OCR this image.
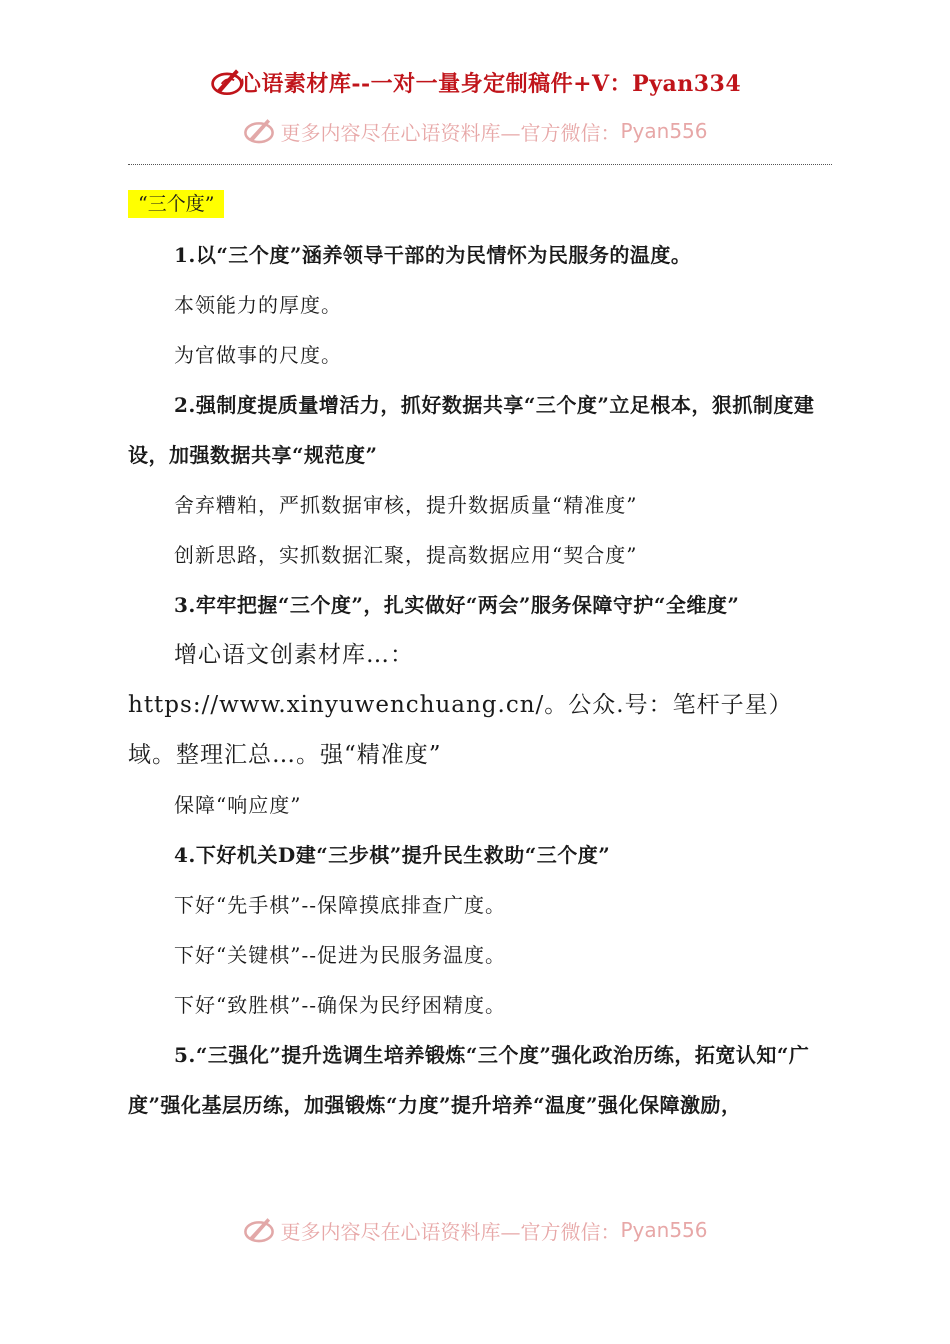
心语素材库--一对一量身定制稿件+V：Pyan334
更多内容尽在心语资料库—官方微信： Pyan556
“三个度”

1.以“三个度”涵养领导干部的为民情怀为民服务的温度。

本领能力的厚度。

为官做事的尺度。

2.强制度提质量增活力，抓好数据共享“三个度”立足根本，狠抓制度建设，加强数据共享“规范度”

舍弃糟粕，严抓数据审核，提升数据质量“精准度”

创新思路，实抓数据汇聚，提高数据应用“契合度”

3.牢牢把握“三个度”，扎实做好“两会”服务保障守护“全维度”

增心语文创素材库…：https://www.xinyuwenchuang.cn/。公众.号：笔杆子星）域。整理汇总…。强“精准度”

保障“响应度”

4.下好机关D建“三步棋”提升民生救助“三个度”

下好“先手棋”--保障摸底排查广度。

下好“关键棋”--促进为民服务温度。

下好“致胜棋”--确保为民纾困精度。

5.“三强化”提升选调生培养锻炼“三个度”强化政治历练，拓宽认知“广度”强化基层历练，加强锻炼“力度”提升培养“温度”强化保障激励，

更多内容尽在心语资料库—官方微信： Pyan556
